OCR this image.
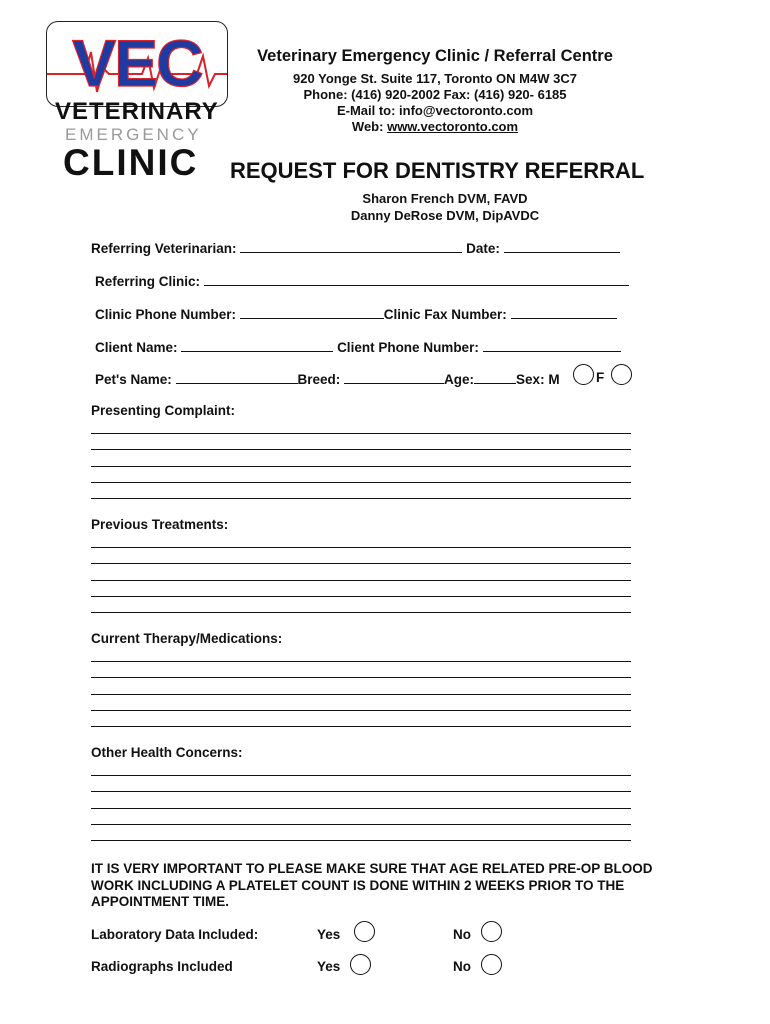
VEC
VETERINARY
EMERGENCY
CLINIC
Veterinary Emergency Clinic / Referral Centre
920 Yonge St. Suite 117, Toronto ON M4W 3C7
Phone: (416) 920-2002 Fax: (416) 920- 6185
E-Mail to: info@vectoronto.com
Web: www.vectoronto.com
REQUEST FOR DENTISTRY REFERRAL
Sharon French DVM, FAVD
Danny DeRose DVM, DipAVDC
Referring Veterinarian:	Date:
Referring Clinic:
Clinic Phone Number:	Clinic Fax Number:
Client Name:	Client Phone Number:
Pet's Name:	Breed:	Age:	Sex: M	F
Presenting Complaint:
Previous Treatments:
Current Therapy/Medications:
Other Health Concerns:
IT IS VERY IMPORTANT TO PLEASE MAKE SURE THAT AGE RELATED PRE-OP BLOOD WORK INCLUDING A PLATELET COUNT IS DONE WITHIN 2 WEEKS PRIOR TO THE APPOINTMENT TIME.
Laboratory Data Included:	Yes	No
Radiographs Included	Yes	No
